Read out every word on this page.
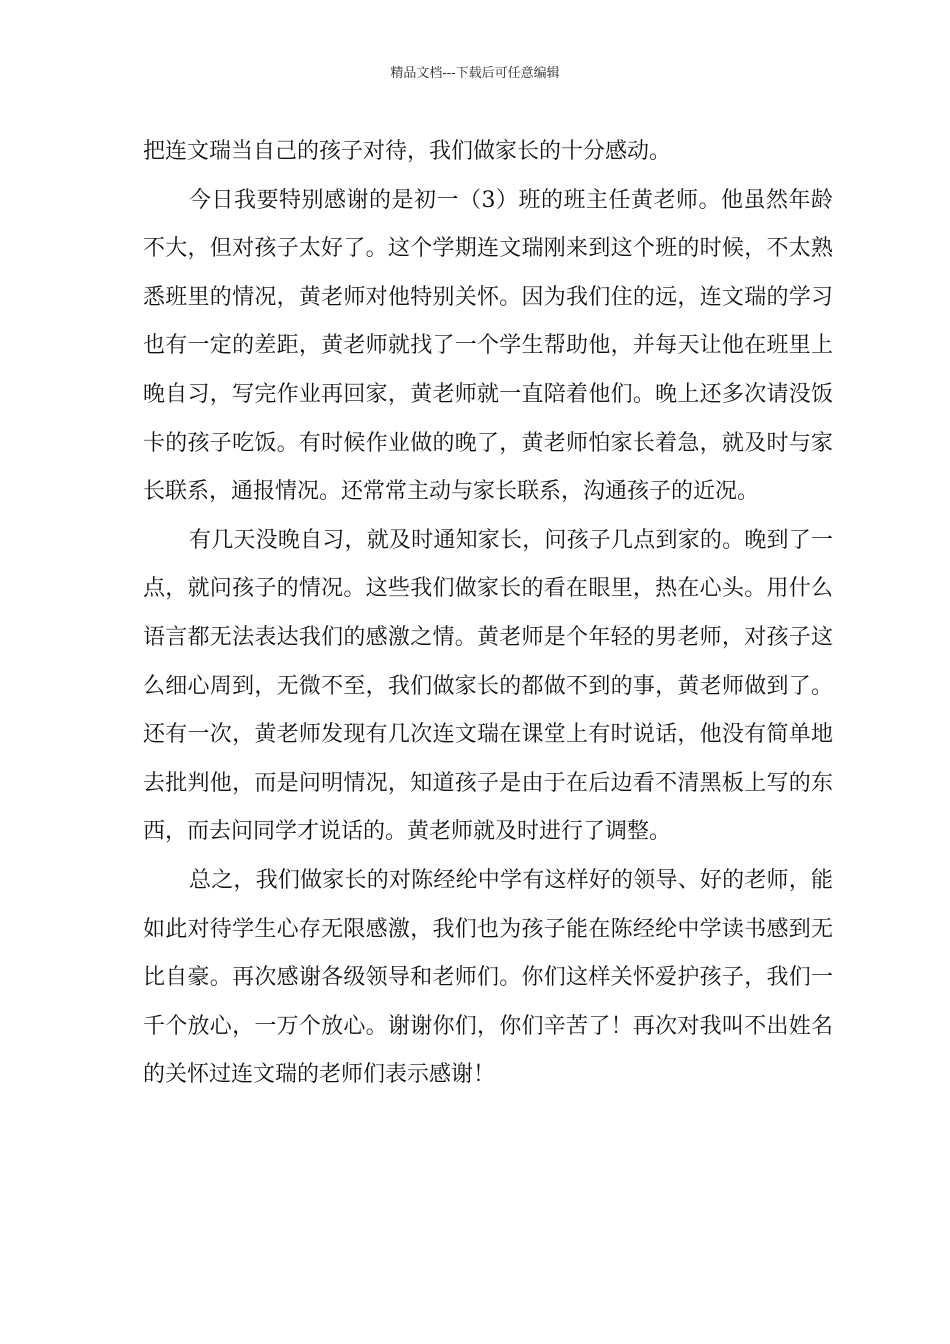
精品文档---下载后可任意编辑

把连文瑞当自己的孩子对待，我们做家长的十分感动。

今日我要特别感谢的是初一（3）班的班主任黄老师。他虽然年龄不大，但对孩子太好了。这个学期连文瑞刚来到这个班的时候，不太熟悉班里的情况，黄老师对他特别关怀。因为我们住的远，连文瑞的学习也有一定的差距，黄老师就找了一个学生帮助他，并每天让他在班里上晚自习，写完作业再回家，黄老师就一直陪着他们。晚上还多次请没饭卡的孩子吃饭。有时候作业做的晚了，黄老师怕家长着急，就及时与家长联系，通报情况。还常常主动与家长联系，沟通孩子的近况。

有几天没晚自习，就及时通知家长，问孩子几点到家的。晚到了一点，就问孩子的情况。这些我们做家长的看在眼里，热在心头。用什么语言都无法表达我们的感激之情。黄老师是个年轻的男老师，对孩子这么细心周到，无微不至，我们做家长的都做不到的事，黄老师做到了。还有一次，黄老师发现有几次连文瑞在课堂上有时说话，他没有简单地去批判他，而是问明情况，知道孩子是由于在后边看不清黑板上写的东西，而去问同学才说话的。黄老师就及时进行了调整。

总之，我们做家长的对陈经纶中学有这样好的领导、好的老师，能如此对待学生心存无限感激，我们也为孩子能在陈经纶中学读书感到无比自豪。再次感谢各级领导和老师们。你们这样关怀爱护孩子，我们一千个放心，一万个放心。谢谢你们，你们辛苦了！再次对我叫不出姓名的关怀过连文瑞的老师们表示感谢！
